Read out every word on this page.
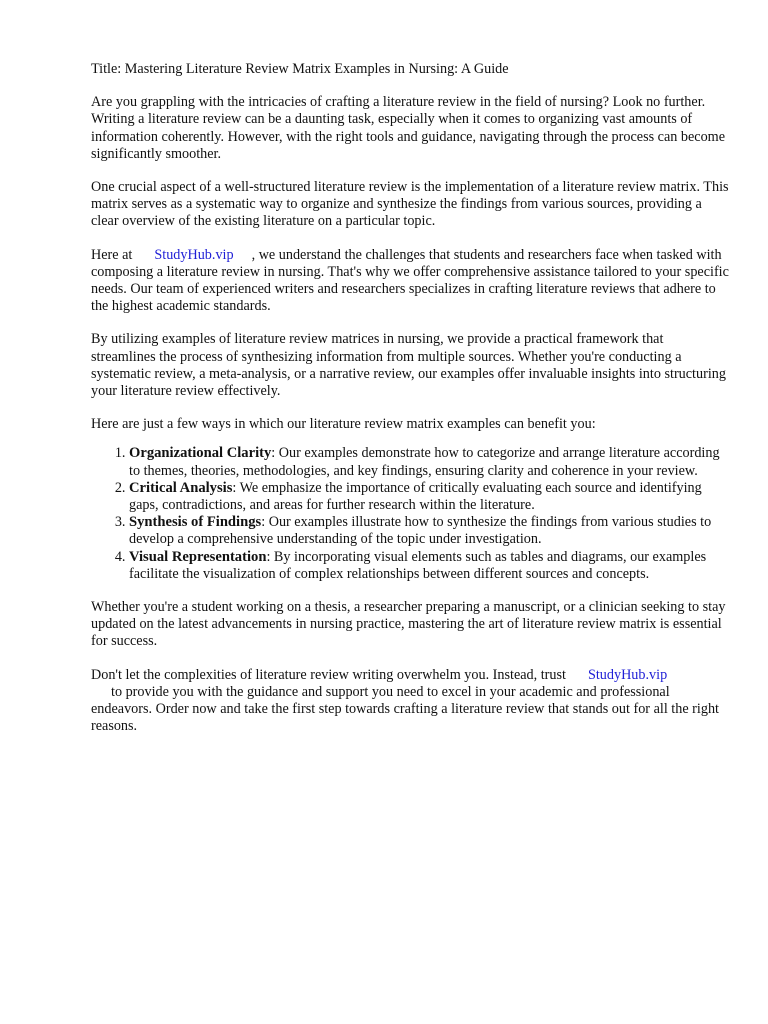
Title: Mastering Literature Review Matrix Examples in Nursing: A Guide

Are you grappling with the intricacies of crafting a literature review in the field of nursing? Look no further. Writing a literature review can be a daunting task, especially when it comes to organizing vast amounts of information coherently. However, with the right tools and guidance, navigating through the process can become significantly smoother.

One crucial aspect of a well-structured literature review is the implementation of a literature review matrix. This matrix serves as a systematic way to organize and synthesize the findings from various sources, providing a clear overview of the existing literature on a particular topic.

Here at StudyHub.vip , we understand the challenges that students and researchers face when tasked with composing a literature review in nursing. That's why we offer comprehensive assistance tailored to your specific needs. Our team of experienced writers and researchers specializes in crafting literature reviews that adhere to the highest academic standards.

By utilizing examples of literature review matrices in nursing, we provide a practical framework that streamlines the process of synthesizing information from multiple sources. Whether you're conducting a systematic review, a meta-analysis, or a narrative review, our examples offer invaluable insights into structuring your literature review effectively.

Here are just a few ways in which our literature review matrix examples can benefit you:

1. Organizational Clarity: Our examples demonstrate how to categorize and arrange literature according to themes, theories, methodologies, and key findings, ensuring clarity and coherence in your review.
2. Critical Analysis: We emphasize the importance of critically evaluating each source and identifying gaps, contradictions, and areas for further research within the literature.
3. Synthesis of Findings: Our examples illustrate how to synthesize the findings from various studies to develop a comprehensive understanding of the topic under investigation.
4. Visual Representation: By incorporating visual elements such as tables and diagrams, our examples facilitate the visualization of complex relationships between different sources and concepts.

Whether you're a student working on a thesis, a researcher preparing a manuscript, or a clinician seeking to stay updated on the latest advancements in nursing practice, mastering the art of literature review matrix is essential for success.

Don't let the complexities of literature review writing overwhelm you. Instead, trust StudyHub.vip
to provide you with the guidance and support you need to excel in your academic and professional endeavors. Order now and take the first step towards crafting a literature review that stands out for all the right reasons.
